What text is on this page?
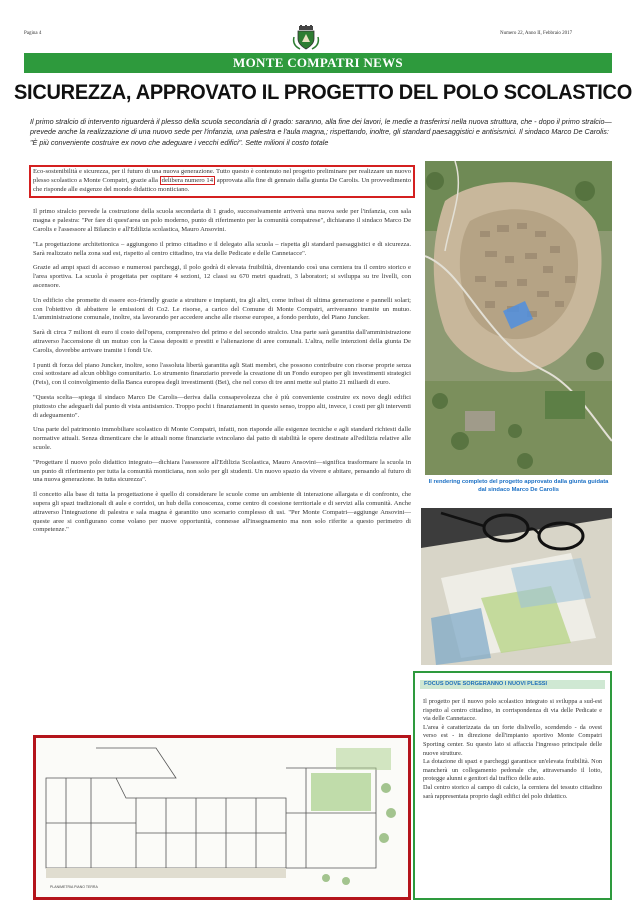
Pagina 4	Numero 22, Anno II, Febbraio 2017
MONTE COMPATRI NEWS
SICUREZZA, APPROVATO IL PROGETTO DEL POLO SCOLASTICO
Il primo stralcio di intervento riguarderà il plesso della scuola secondaria di I grado: saranno, alla fine dei lavori, le medie a trasferirsi nella nuova struttura, che - dopo il primo stralcio—prevede anche la realizzazione di una nuovo sede per l'infanzia, una palestra e l'aula magna,; rispettando, inoltre, gli standard paesaggistici e antisismici. Il sindaco Marco De Carolis: "È più conveniente costruire ex novo che adeguare i vecchi edifici". Sette milioni il costo totale
Eco-sostenibilità e sicurezza, per il futuro di una nuova generazione. Tutto questo è contenuto nel progetto preliminare per realizzare un nuovo plesso scolastico a Monte Compatri, grazie alla delibera numero 14 approvata alla fine di gennaio dalla giunta De Carolis. Un provvedimento che risponde alle esigenze del mondo didattico monticiano.

Il primo stralcio prevede la costruzione della scuola secondaria di 1 grado, successivamente arriverà una nuova sede per l'infanzia, con sala magna e palestra: "Per fare di quest'area un polo moderno, punto di riferimento per la comunità compatrese", dichiarano il sindaco Marco De Carolis e l'assessore al Bilancio e all'Edilizia scolastica, Mauro Ansovini.

"La progettazione architettonica – aggiungono il primo cittadino e il delegato alla scuola – rispetta gli standard paesaggistici e di sicurezza. Sarà realizzato nella zona sud est, rispetto al centro cittadino, tra via delle Pedicate e delle Cannetacce".

Grazie ad ampi spazi di accesso e numerosi parcheggi, il polo godrà di elevata fruibilità, diventando così una cerniera tra il centro storico e l'area sportiva. La scuola è progettata per ospitare 4 sezioni, 12 classi su 670 metri quadrati, 3 laboratori; si sviluppa su tre livelli, con ascensore.

Un edificio che promette di essere eco-friendly grazie a strutture e impianti, tra gli altri, come infissi di ultima generazione e pannelli solari; con l'obiettivo di abbattere le emissioni di Co2. Le risorse, a carico del Comune di Monte Compatri, arriveranno tramite un mutuo. L'amministrazione comunale, inoltre, sta lavorando per accedere anche alle risorse europee, a fondo perduto, del Piano Juncker.

Sarà di circa 7 milioni di euro il costo dell'opera, comprensivo del primo e del secondo stralcio. Una parte sarà garantita dall'amministrazione attraverso l'accensione di un mutuo con la Cassa depositi e prestiti e l'alienazione di aree comunali. L'altra, nelle intenzioni della giunta De Carolis, dovrebbe arrivare tramite i fondi Ue.

I punti di forza del piano Juncker, inoltre, sono l'assoluta libertà garantita agli Stati membri, che possono contribuire con risorse proprie senza così sottostare ad alcun obbligo comunitario. Lo strumento finanziario prevede la creazione di un Fondo europeo per gli investimenti strategici (Feis), con il coinvolgimento della Banca europea degli investimenti (Bei), che nel corso di tre anni mette sul piatto 21 miliardi di euro.

"Questa scelta—spiega il sindaco Marco De Carolis—deriva dalla consapevolezza che è più conveniente costruire ex novo degli edifici piuttosto che adeguarli dal punto di vista antisismico. Troppo pochi i finanziamenti in questo senso, troppo alti, invece, i costi per gli interventi di adeguamento".

Una parte del patrimonio immobiliare scolastico di Monte Compatri, infatti, non risponde alle esigenze tecniche e agli standard richiesti dalle normative attuali. Senza dimenticare che le attuali nome finanziarie svincolano dal patto di stabilità le opere destinate all'edilizia relative alle scuole.

"Progettare il nuovo polo didattico integrato—dichiara l'assessore all'Edilizia Scolastica, Mauro Ansovini—significa trasformare la scuola in un punto di riferimento per tutta la comunità monticiana, non solo per gli studenti. Un nuovo spazio da vivere e abitare, pensando al futuro di una nuova generazione. In tutta sicurezza".

Il concetto alla base di tutta la progettazione è quello di considerare le scuole come un ambiente di interazione allargata e di confronto, che supera gli spazi tradizionali di aule e corridoi, un hub della conoscenza, come centro di coesione territoriale e di servizi alla comunità. Anche attraverso l'integrazione di palestra e sala magna è garantito uno scenario complesso di usi. "Per Monte Compatri—aggiunge Ansovini—queste aree si configurano come volano per nuove opportunità, connesse all'insegnamento ma non solo riferite a questo perimetro di competenze."

Il rendering completo del progetto approvato dalla giunta guidata dal sindaco Marco De Carolis
FOCUS DOVE SORGERANNO I NUOVI PLESSI

Il progetto per il nuovo polo scolastico integrato si sviluppa a sud-est rispetto al centro cittadino, in corrispondenza di via delle Pedicate e via delle Cannetacce.

L'area è caratterizzata da un forte dislivello, scendendo - da ovest verso est - in direzione dell'impianto sportivo Monte Compatri Sporting center. Su questo lato si affaccia l'ingresso principale delle nuove strutture.

La dotazione di spazi e parcheggi garantisce un'elevata fruibilità. Non mancherà un collegamento pedonale che, attraversando il lotto, protegge alunni e genitori dal traffico delle auto.

Dal centro storico al campo di calcio, la cerniera del tessuto cittadino sarà rappresentata proprio dagli edifici del polo didattico.

PLANIMETRIA PIANO TERRA
